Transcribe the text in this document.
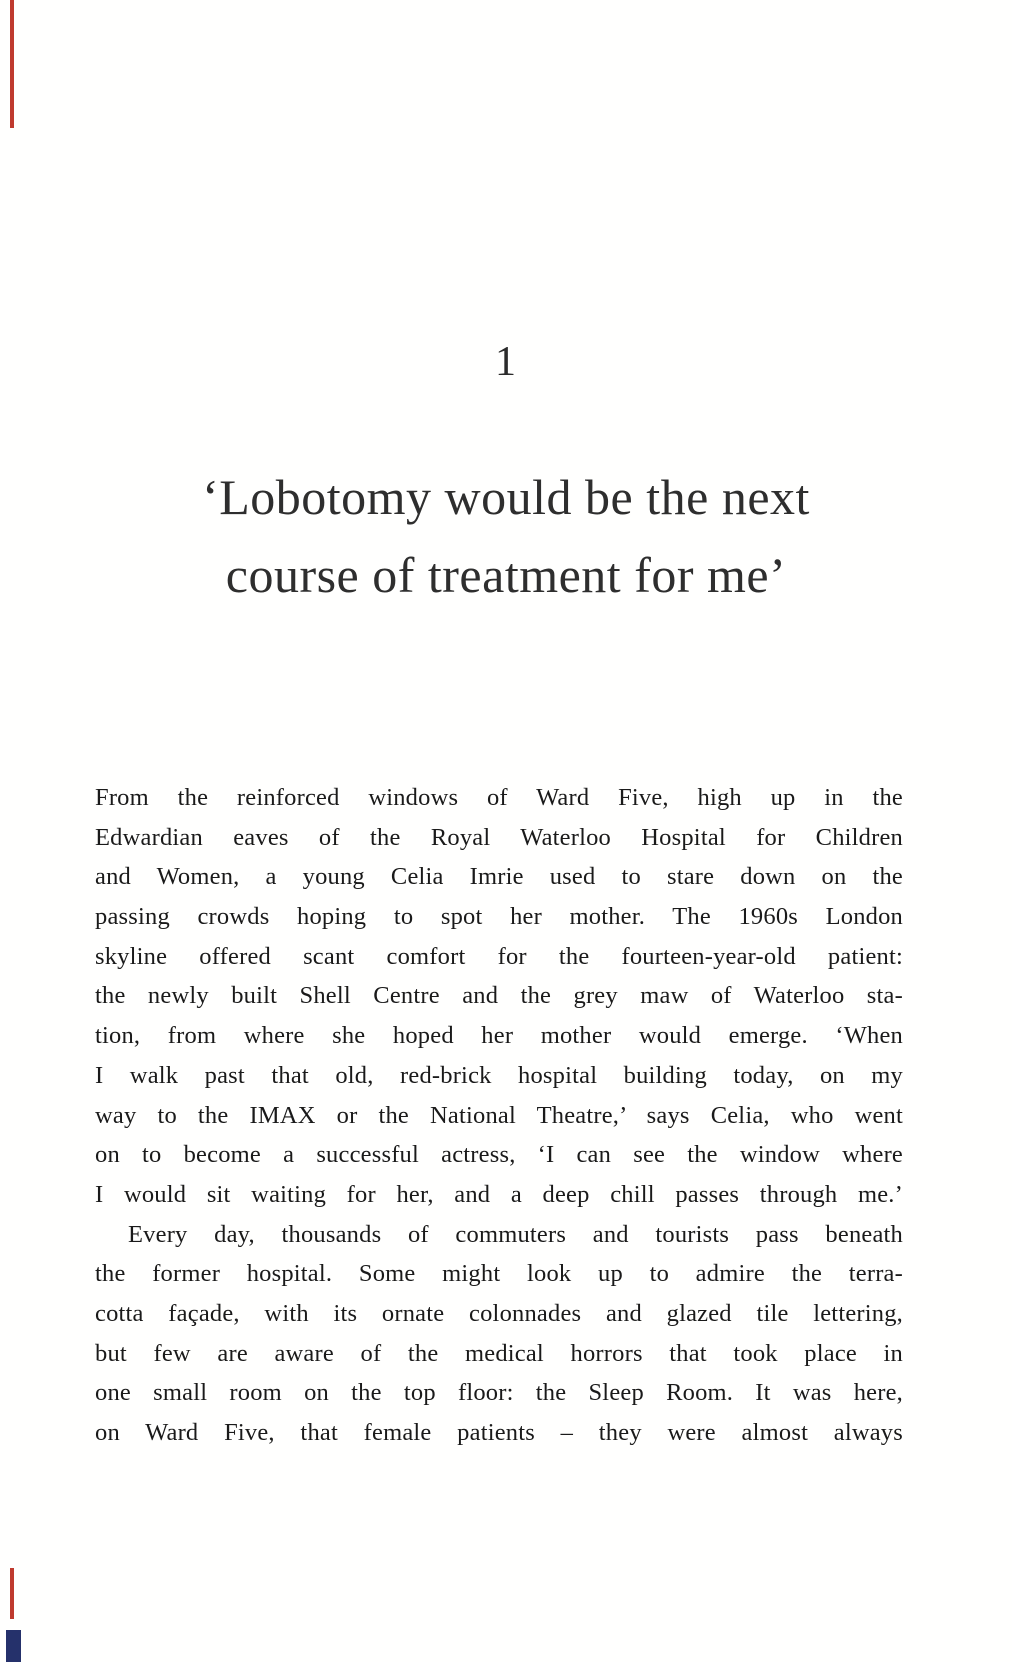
1
‘Lobotomy would be the next
course of treatment for me’
From the reinforced windows of Ward Five, high up in the
Edwardian eaves of the Royal Waterloo Hospital for Children
and Women, a young Celia Imrie used to stare down on the
passing crowds hoping to spot her mother. The 1960s London
skyline offered scant comfort for the fourteen-year-old patient:
the newly built Shell Centre and the grey maw of Waterloo sta-
tion, from where she hoped her mother would emerge. ‘When
I walk past that old, red-brick hospital building today, on my
way to the IMAX or the National Theatre,’ says Celia, who went
on to become a successful actress, ‘I can see the window where
I would sit waiting for her, and a deep chill passes through me.’
Every day, thousands of commuters and tourists pass beneath
the former hospital. Some might look up to admire the terra-
cotta façade, with its ornate colonnades and glazed tile lettering,
but few are aware of the medical horrors that took place in
one small room on the top floor: the Sleep Room. It was here,
on Ward Five, that female patients – they were almost always
